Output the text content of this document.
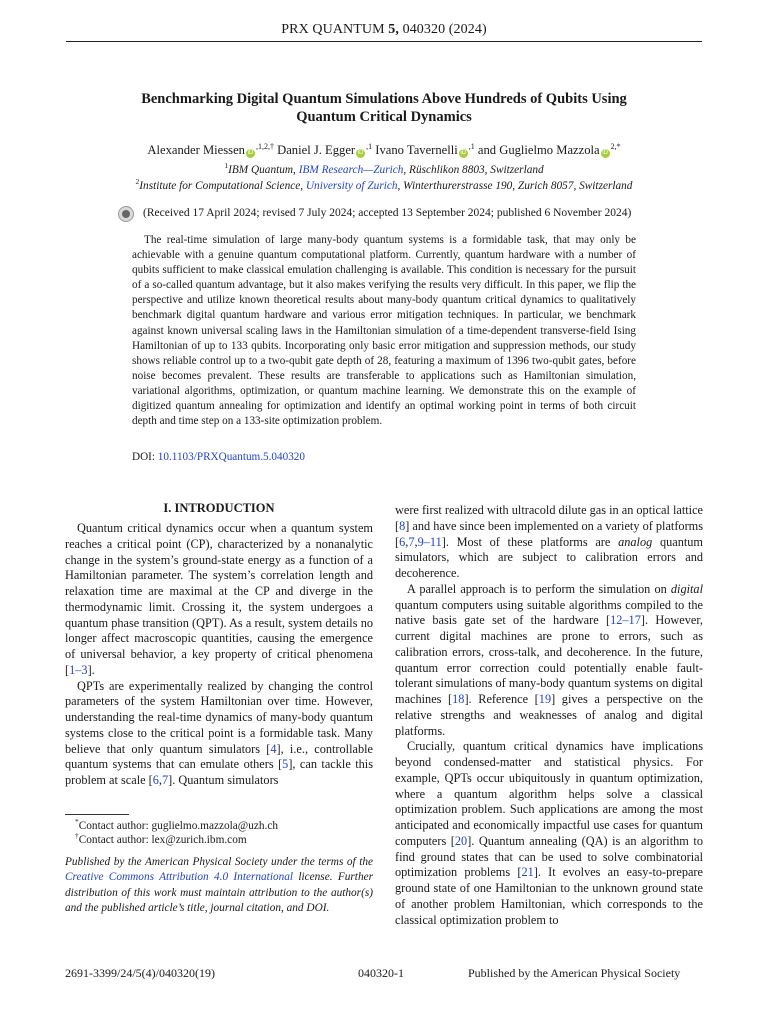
PRX QUANTUM 5, 040320 (2024)
Benchmarking Digital Quantum Simulations Above Hundreds of Qubits Using
Quantum Critical Dynamics
Alexander Miessen $iD^{,1,2,\dagger}$ Daniel J. Egger $iD^{,1}$ Ivano Tavernelli $iD^{,1}$ and Guglielmo Mazzola $iD^{2,*}$
$^1$IBM Quantum, IBM Research—Zurich, Rüschlikon 8803, Switzerland
$^2$Institute for Computational Science, University of Zurich, Winterthurerstrasse 190, Zurich 8057, Switzerland
(Received 17 April 2024; revised 7 July 2024; accepted 13 September 2024; published 6 November 2024)
The real-time simulation of large many-body quantum systems is a formidable task, that may only be achievable with a genuine quantum computational platform. Currently, quantum hardware with a number of qubits sufficient to make classical emulation challenging is available. This condition is necessary for the pursuit of a so-called quantum advantage, but it also makes verifying the results very difficult. In this paper, we flip the perspective and utilize known theoretical results about many-body quantum critical dynamics to qualitatively benchmark digital quantum hardware and various error mitigation techniques. In particular, we benchmark against known universal scaling laws in the Hamiltonian simulation of a time-dependent transverse-field Ising Hamiltonian of up to 133 qubits. Incorporating only basic error mitigation and suppression methods, our study shows reliable control up to a two-qubit gate depth of 28, featuring a maximum of 1396 two-qubit gates, before noise becomes prevalent. These results are transferable to applications such as Hamiltonian simulation, variational algorithms, optimization, or quantum machine learning. We demonstrate this on the example of digitized quantum annealing for optimization and identify an optimal working point in terms of both circuit depth and time step on a 133-site optimization problem.
DOI: 10.1103/PRXQuantum.5.040320
I. INTRODUCTION

Quantum critical dynamics occur when a quantum system reaches a critical point (CP), characterized by a nonanalytic change in the system’s ground-state energy as a function of a Hamiltonian parameter. The system’s correlation length and relaxation time are maximal at the CP and diverge in the thermodynamic limit. Crossing it, the system undergoes a quantum phase transition (QPT). As a result, system details no longer affect macroscopic quantities, causing the emergence of universal behavior, a key property of critical phenomena [1–3].

QPTs are experimentally realized by changing the control parameters of the system Hamiltonian over time. However, understanding the real-time dynamics of many-body quantum systems close to the critical point is a formidable task. Many believe that only quantum simulators [4], i.e., controllable quantum systems that can emulate others [5], can tackle this problem at scale [6,7]. Quantum simulators

were first realized with ultracold dilute gas in an optical lattice [8] and have since been implemented on a variety of platforms [6,7,9–11]. Most of these platforms are analog quantum simulators, which are subject to calibration errors and decoherence.

A parallel approach is to perform the simulation on digital quantum computers using suitable algorithms compiled to the native basis gate set of the hardware [12–17]. However, current digital machines are prone to errors, such as calibration errors, cross-talk, and decoherence. In the future, quantum error correction could potentially enable fault-tolerant simulations of many-body quantum systems on digital machines [18]. Reference [19] gives a perspective on the relative strengths and weaknesses of analog and digital platforms.

Crucially, quantum critical dynamics have implications beyond condensed-matter and statistical physics. For example, QPTs occur ubiquitously in quantum optimization, where a quantum algorithm helps solve a classical optimization problem. Such applications are among the most anticipated and economically impactful use cases for quantum computers [20]. Quantum annealing (QA) is an algorithm to find ground states that can be used to solve combinatorial optimization problems [21]. It evolves an easy-to-prepare ground state of one Hamiltonian to the unknown ground state of another problem Hamiltonian, which corresponds to the classical optimization problem to

*Contact author: guglielmo.mazzola@uzh.ch
†Contact author: lex@zurich.ibm.com
Published by the American Physical Society under the terms of the Creative Commons Attribution 4.0 International license. Further distribution of this work must maintain attribution to the author(s) and the published article’s title, journal citation, and DOI.
2691-3399/24/5(4)/040320(19)	040320-1	Published by the American Physical Society
